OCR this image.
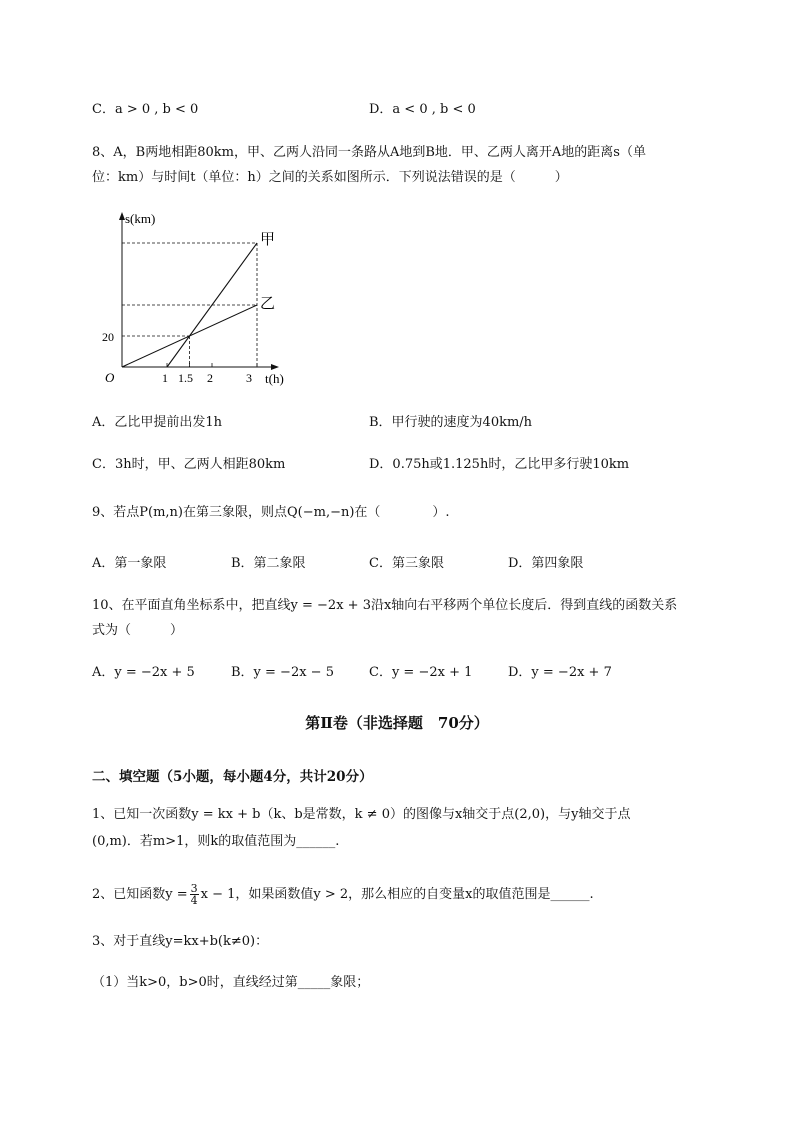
C．a > 0 , b < 0	D．a < 0 , b < 0
8、A，B两地相距80km，甲、乙两人沿同一条路从A地到B地．甲、乙两人离开A地的距离s（单
位：km）与时间t（单位：h）之间的关系如图所示．下列说法错误的是（　　　）
s(km)
t(h)
O
20
1 1.5 2	3
甲
乙
A．乙比甲提前出发1h	B．甲行驶的速度为40km/h
C．3h时，甲、乙两人相距80km	D．0.75h或1.125h时，乙比甲多行驶10km
9、若点P(m,n)在第三象限，则点Q(−m,−n)在（　　　　）.
A．第一象限	B．第二象限	C．第三象限	D．第四象限
10、在平面直角坐标系中，把直线y = −2x + 3沿x轴向右平移两个单位长度后．得到直线的函数关系
式为（　　　）
A．y = −2x + 5	B．y = −2x − 5	C．y = −2x + 1	D．y = −2x + 7
第Ⅱ卷（非选择题　70分）
二、填空题（5小题，每小题4分，共计20分）
1、已知一次函数y = kx + b（k、b是常数，k ≠ 0）的图像与x轴交于点(2,0)，与y轴交于点
(0,m)．若m>1，则k的取值范围为______.
2、已知函数$y = \frac{3}{4}$ x − 1，如果函数值y > 2，那么相应的自变量x的取值范围是______.
3、对于直线y=kx+b(k≠0)：
（1）当k>0，b>0时，直线经过第_____象限；
